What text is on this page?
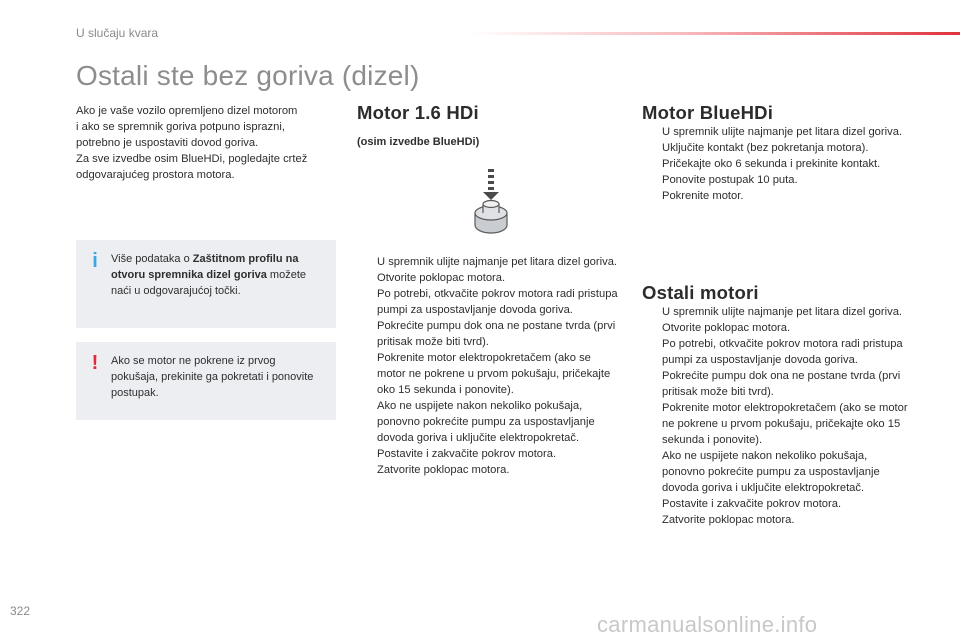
U slučaju kvara
Ostali ste bez goriva (dizel)

Ako je vaše vozilo opremljeno dizel motorom

i ako se spremnik goriva potpuno isprazni,

potrebno je uspostaviti dovod goriva.

Za sve izvedbe osim BlueHDi, pogledajte crtež

odgovarajućeg prostora motora.

i	Više podataka o Zaštitnom profilu na otvoru spremnika dizel goriva možete naći u odgovarajućoj točki.
!	Ako se motor ne pokrene iz prvog pokušaja, prekinite ga pokretati i ponovite postupak.
Motor 1.6 HDi
(osim izvedbe BlueHDi)
U spremnik ulijte najmanje pet litara dizel goriva.
Otvorite poklopac motora.
Po potrebi, otkvačite pokrov motora radi pristupa pumpi za uspostavljanje dovoda goriva.
Pokrećite pumpu dok ona ne postane tvrda (prvi pritisak može biti tvrd).
Pokrenite motor elektropokretačem (ako se motor ne pokrene u prvom pokušaju, pričekajte oko 15 sekunda i ponovite).
Ako ne uspijete nakon nekoliko pokušaja, ponovno pokrećite pumpu za uspostavljanje dovoda goriva i uključite elektropokretač.
Postavite i zakvačite pokrov motora.
Zatvorite poklopac motora.
Motor BlueHDi
U spremnik ulijte najmanje pet litara dizel goriva.
Uključite kontakt (bez pokretanja motora).
Pričekajte oko 6 sekunda i prekinite kontakt.
Ponovite postupak 10 puta.
Pokrenite motor.
Ostali motori
U spremnik ulijte najmanje pet litara dizel goriva.
Otvorite poklopac motora.
Po potrebi, otkvačite pokrov motora radi pristupa pumpi za uspostavljanje dovoda goriva.
Pokrećite pumpu dok ona ne postane tvrda (prvi pritisak može biti tvrd).
Pokrenite motor elektropokretačem (ako se motor ne pokrene u prvom pokušaju, pričekajte oko 15 sekunda i ponovite).
Ako ne uspijete nakon nekoliko pokušaja, ponovno pokrećite pumpu za uspostavljanje dovoda goriva i uključite elektropokretač.
Postavite i zakvačite pokrov motora.
Zatvorite poklopac motora.
322
carmanualsonline.info
